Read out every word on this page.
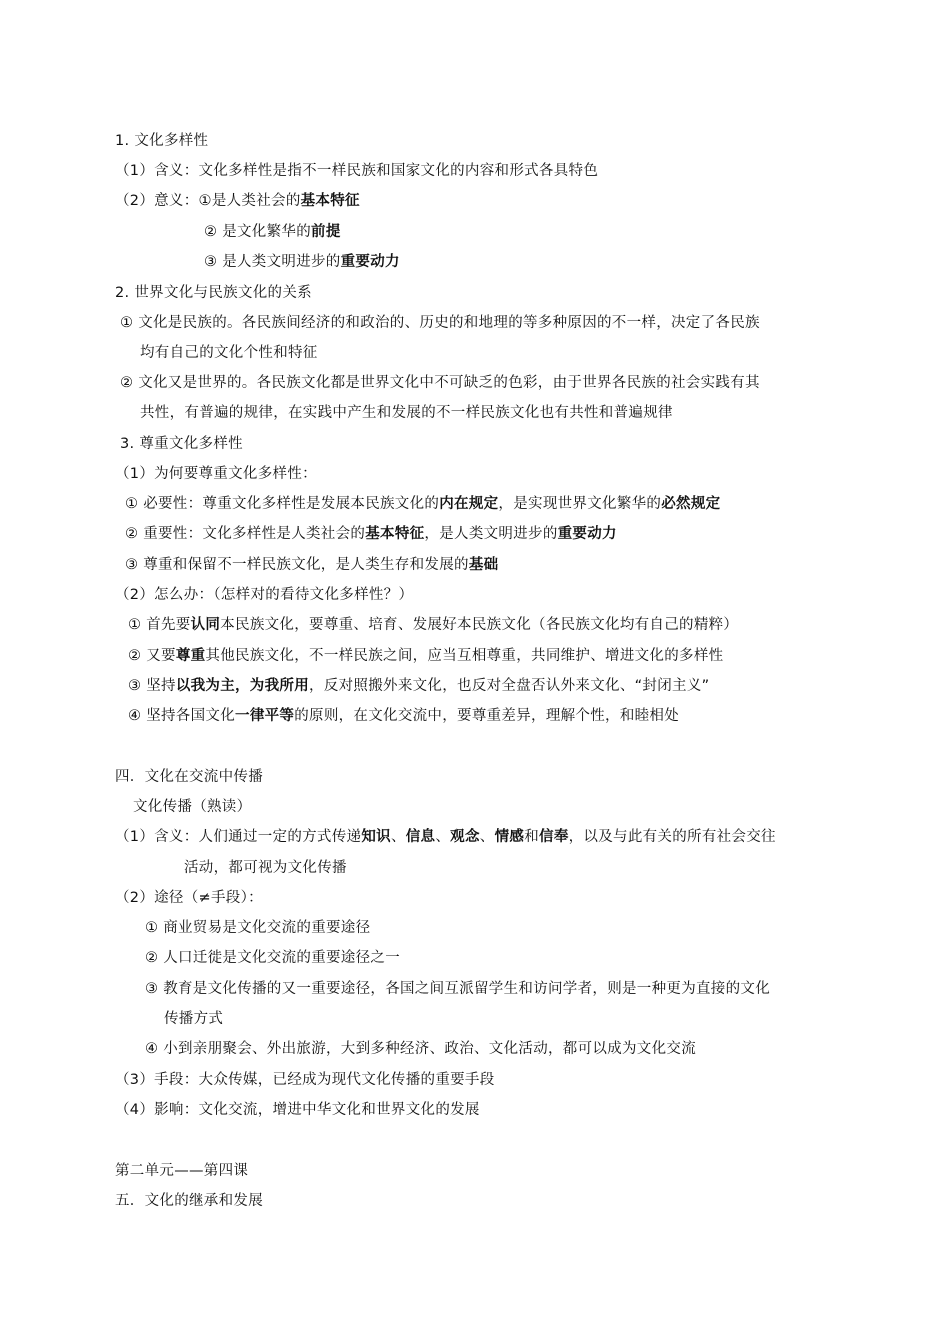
1. 文化多样性
（1）含义：文化多样性是指不一样民族和国家文化的内容和形式各具特色
（2）意义：①是人类社会的基本特征
② 是文化繁华的前提
③ 是人类文明进步的重要动力
2. 世界文化与民族文化的关系
① 文化是民族的。各民族间经济的和政治的、历史的和地理的等多种原因的不一样，决定了各民族
均有自己的文化个性和特征
② 文化又是世界的。各民族文化都是世界文化中不可缺乏的色彩，由于世界各民族的社会实践有其
共性，有普遍的规律，在实践中产生和发展的不一样民族文化也有共性和普遍规律
3. 尊重文化多样性
（1）为何要尊重文化多样性：
① 必要性：尊重文化多样性是发展本民族文化的内在规定，是实现世界文化繁华的必然规定
② 重要性：文化多样性是人类社会的基本特征，是人类文明进步的重要动力
③ 尊重和保留不一样民族文化，是人类生存和发展的基础
（2）怎么办：（怎样对的看待文化多样性？）
① 首先要认同本民族文化，要尊重、培育、发展好本民族文化（各民族文化均有自己的精粹）
② 又要尊重其他民族文化，不一样民族之间，应当互相尊重，共同维护、增进文化的多样性
③ 坚持以我为主，为我所用，反对照搬外来文化，也反对全盘否认外来文化、“封闭主义”
④ 坚持各国文化一律平等的原则，在文化交流中，要尊重差异，理解个性，和睦相处
四．文化在交流中传播
文化传播（熟读）
（1）含义：人们通过一定的方式传递知识、信息、观念、情感和信奉，以及与此有关的所有社会交往
活动，都可视为文化传播
（2）途径（≠手段）：
① 商业贸易是文化交流的重要途径
② 人口迁徙是文化交流的重要途径之一
③ 教育是文化传播的又一重要途径，各国之间互派留学生和访问学者，则是一种更为直接的文化
传播方式
④ 小到亲朋聚会、外出旅游，大到多种经济、政治、文化活动，都可以成为文化交流
（3）手段：大众传媒，已经成为现代文化传播的重要手段
（4）影响：文化交流，增进中华文化和世界文化的发展
第二单元——第四课
五．文化的继承和发展
